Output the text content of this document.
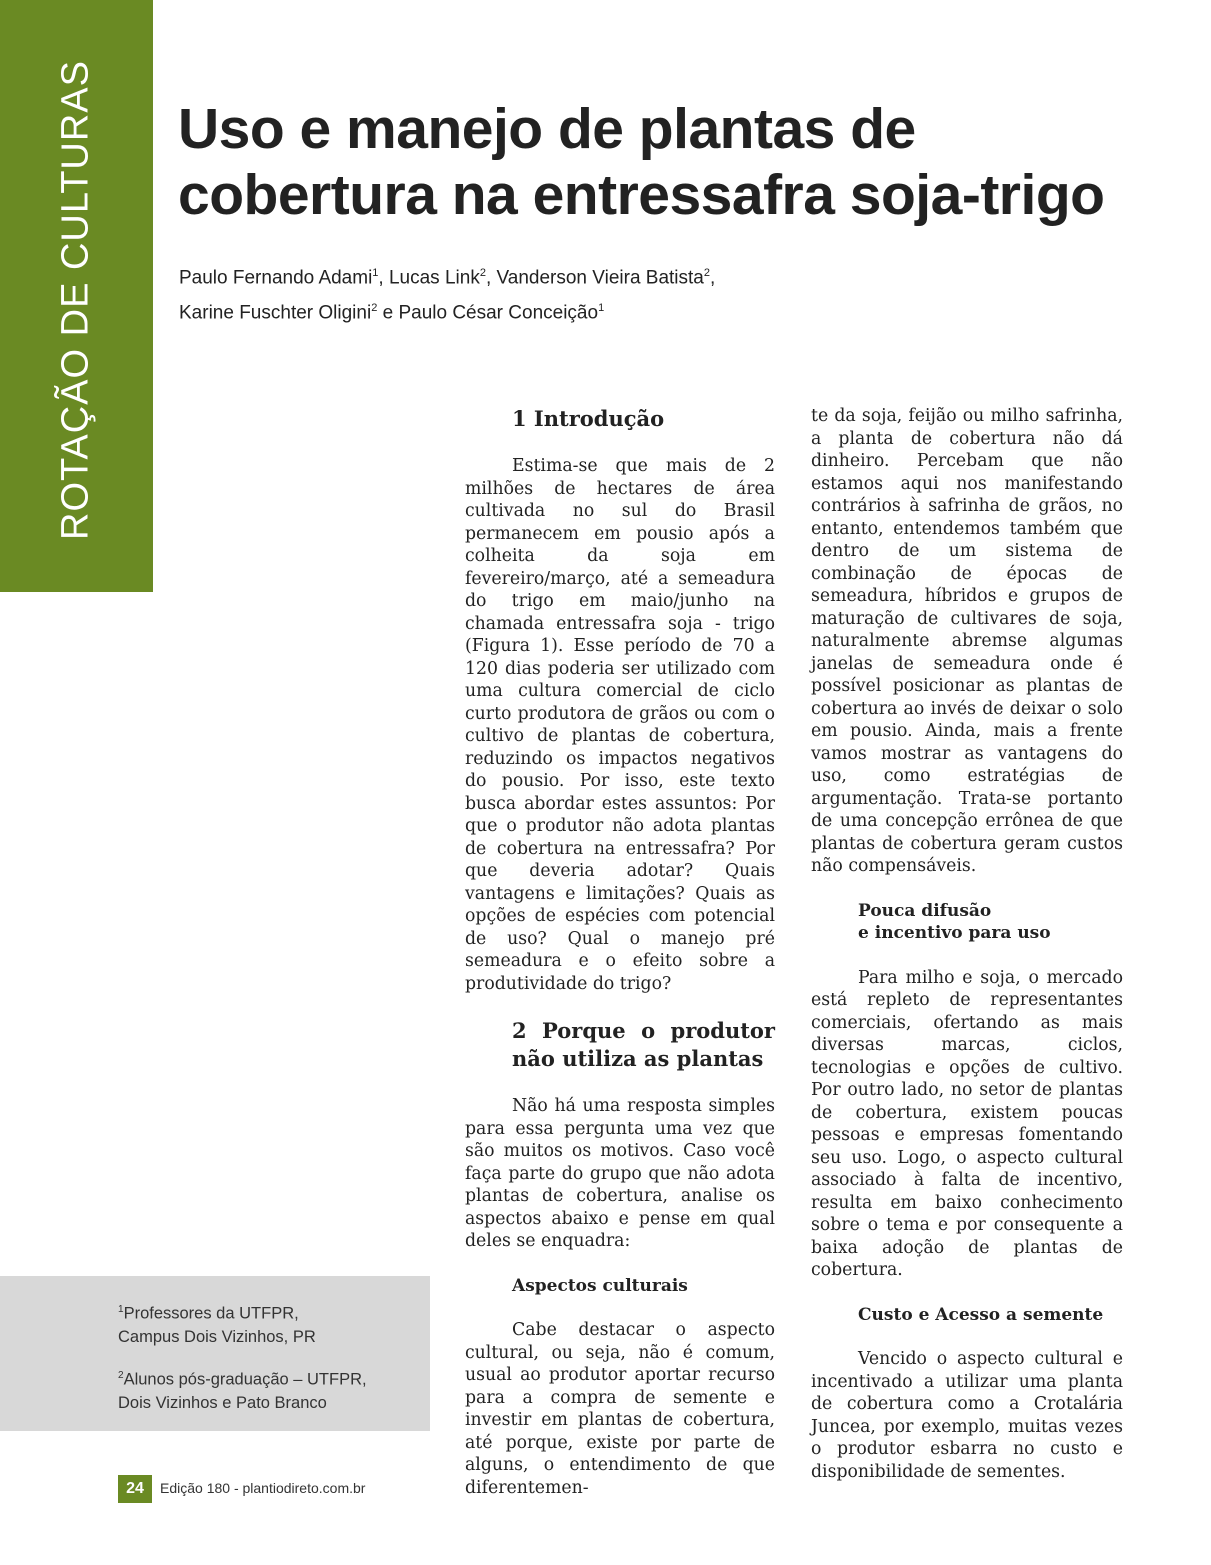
ROTAÇÃO DE CULTURAS Uso e manejo de plantas de
cobertura na entressafra soja-trigo
Paulo Fernando Adami$^1$, Lucas Link$^2$, Vanderson Vieira Batista$^2$,
Karine Fuschter Oligini$^2$ e Paulo César Conceição$^1$
1 Introdução

Estima-se que mais de 2 milhões de hectares de área cultivada no sul do Brasil permanecem em pousio após a colheita da soja em fevereiro/março, até a semeadura do trigo em maio/junho na chamada entressafra soja - trigo (Figura 1). Esse período de 70 a 120 dias poderia ser utilizado com uma cultura comercial de ciclo curto produtora de grãos ou com o cultivo de plantas de cobertura, reduzindo os impactos negativos do pousio. Por isso, este texto busca abordar estes assuntos: Por que o produtor não adota plantas de cobertura na entressafra? Por que deveria adotar? Quais vantagens e limitações? Quais as opções de espécies com potencial de uso? Qual o manejo pré semeadura e o efeito sobre a produtividade do trigo?

2 Porque o produtor não utiliza as plantas

Não há uma resposta simples para essa pergunta uma vez que são muitos os motivos. Caso você faça parte do grupo que não adota plantas de cobertura, analise os aspectos abaixo e pense em qual deles se enquadra:

Aspectos culturais

Cabe destacar o aspecto cultural, ou seja, não é comum, usual ao produtor aportar recurso para a compra de semente e investir em plantas de cobertura, até porque, existe por parte de alguns, o entendimento de que diferentemen-

te da soja, feijão ou milho safrinha, a planta de cobertura não dá dinheiro. Percebam que não estamos aqui nos manifestando contrários à safrinha de grãos, no entanto, entendemos também que dentro de um sistema de combinação de épocas de semeadura, híbridos e grupos de maturação de cultivares de soja, naturalmente abremse algumas janelas de semeadura onde é possível posicionar as plantas de cobertura ao invés de deixar o solo em pousio. Ainda, mais a frente vamos mostrar as vantagens do uso, como estratégias de argumentação. Trata-se portanto de uma concepção errônea de que plantas de cobertura geram custos não compensáveis.

Pouca difusão
e incentivo para uso

Para milho e soja, o mercado está repleto de representantes comerciais, ofertando as mais diversas marcas, ciclos, tecnologias e opções de cultivo. Por outro lado, no setor de plantas de cobertura, existem poucas pessoas e empresas fomentando seu uso. Logo, o aspecto cultural associado à falta de incentivo, resulta em baixo conhecimento sobre o tema e por consequente a baixa adoção de plantas de cobertura.

Custo e Acesso a semente

Vencido o aspecto cultural e incentivado a utilizar uma planta de cobertura como a Crotalária Juncea, por exemplo, muitas vezes o produtor esbarra no custo e disponibilidade de sementes.

$^1$Professores da UTFPR,
Campus Dois Vizinhos, PR
$^2$Alunos pós-graduação – UTFPR,
Dois Vizinhos e Pato Branco
24	Edição 180 - plantiodireto.com.br
